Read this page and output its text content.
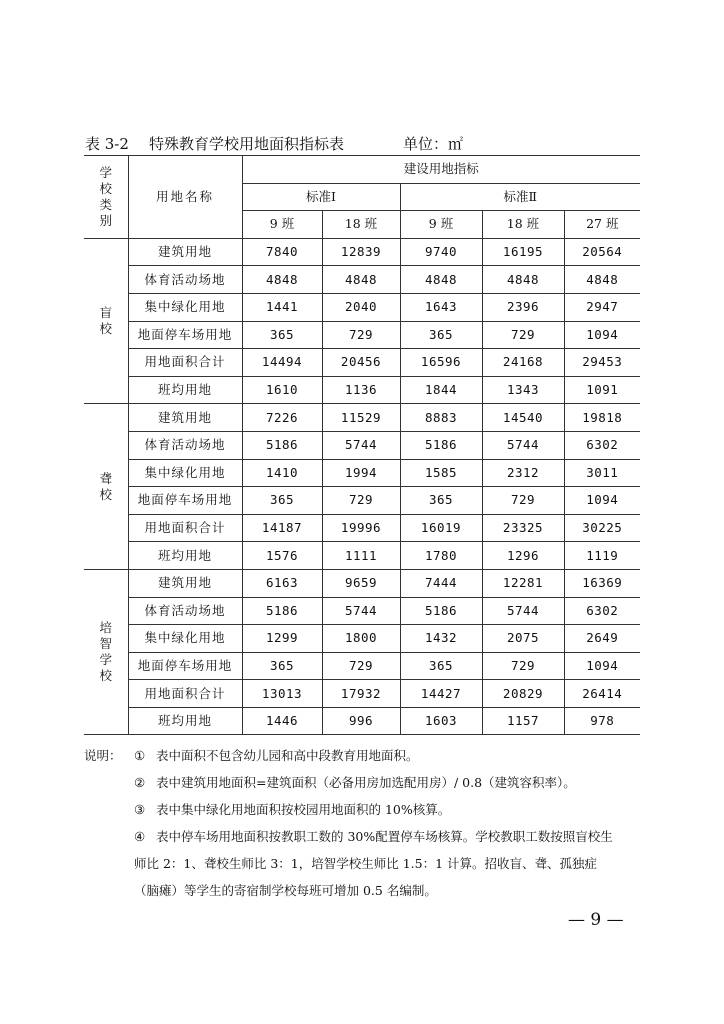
表 3-2 特殊教育学校用地面积指标表	单位：㎡
学校类别	用地名称	建设用地指标				
		标准Ⅰ		标准Ⅱ		
		9 班	18 班	9 班	18 班	27 班
盲校	建筑用地	7840	12839	9740	16195	20564
	体育活动场地	4848	4848	4848	4848	4848
	集中绿化用地	1441	2040	1643	2396	2947
	地面停车场用地	365	729	365	729	1094
	用地面积合计	14494	20456	16596	24168	29453
	班均用地	1610	1136	1844	1343	1091
聋校	建筑用地	7226	11529	8883	14540	19818
	体育活动场地	5186	5744	5186	5744	6302
	集中绿化用地	1410	1994	1585	2312	3011
	地面停车场用地	365	729	365	729	1094
	用地面积合计	14187	19996	16019	23325	30225
	班均用地	1576	1111	1780	1296	1119
培智学校	建筑用地	6163	9659	7444	12281	16369
	体育活动场地	5186	5744	5186	5744	6302
	集中绿化用地	1299	1800	1432	2075	2649
	地面停车场用地	365	729	365	729	1094
	用地面积合计	13013	17932	14427	20829	26414
	班均用地	1446	996	1603	1157	978
说明： ① 表中面积不包含幼儿园和高中段教育用地面积。
② 表中建筑用地面积=建筑面积（必备用房加选配用房）/ 0.8（建筑容积率）。
③ 表中集中绿化用地面积按校园用地面积的 10%核算。
④ 表中停车场用地面积按教职工数的 30%配置停车场核算。学校教职工数按照盲校生
师比 2：1、聋校生师比 3：1，培智学校生师比 1.5：1 计算。招收盲、聋、孤独症
（脑瘫）等学生的寄宿制学校每班可增加 0.5 名编制。
— 9 —
